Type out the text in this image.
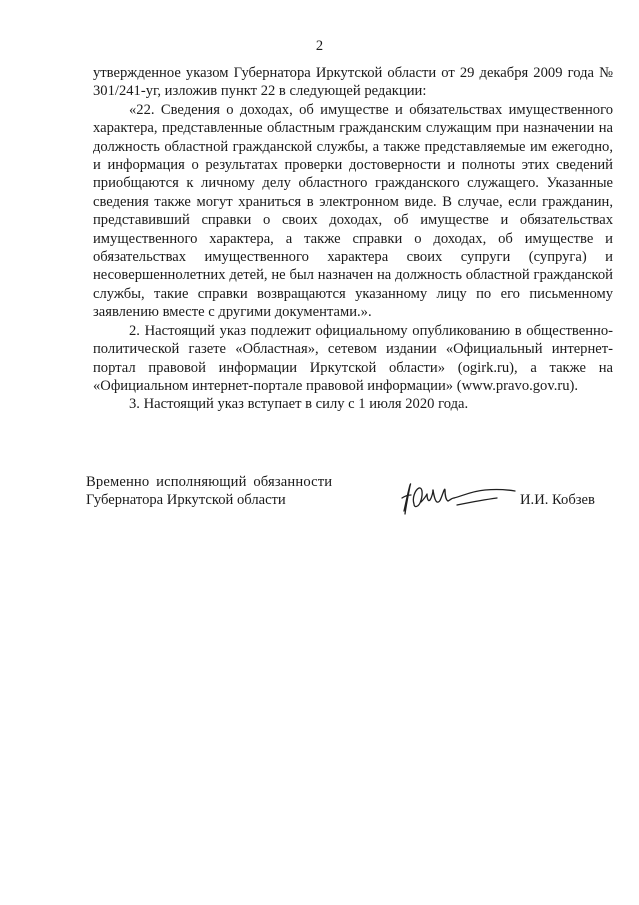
2

утвержденное указом Губернатора Иркутской области от 29 декабря 2009 года № 301/241-уг, изложив пункт 22 в следующей редакции:

«22. Сведения о доходах, об имуществе и обязательствах имущественного характера, представленные областным гражданским служащим при назначении на должность областной гражданской службы, а также представляемые им ежегодно, и информация о результатах проверки достоверности и полноты этих сведений приобщаются к личному делу областного гражданского служащего. Указанные сведения также могут храниться в электронном виде. В случае, если гражданин, представивший справки о своих доходах, об имуществе и обязательствах имущественного характера, а также справки о доходах, об имуществе и обязательствах имущественного характера своих супруги (супруга) и несовершеннолетних детей, не был назначен на должность областной гражданской службы, такие справки возвращаются указанному лицу по его письменному заявлению вместе с другими документами.».

2. Настоящий указ подлежит официальному опубликованию в общественно-политической газете «Областная», сетевом издании «Официальный интернет-портал правовой информации Иркутской области» (ogirk.ru), а также на «Официальном интернет-портале правовой информации» (www.pravo.gov.ru).

3. Настоящий указ вступает в силу с 1 июля 2020 года.

Временно исполняющий обязанности
Губернатора Иркутской области	И.И. Кобзев
